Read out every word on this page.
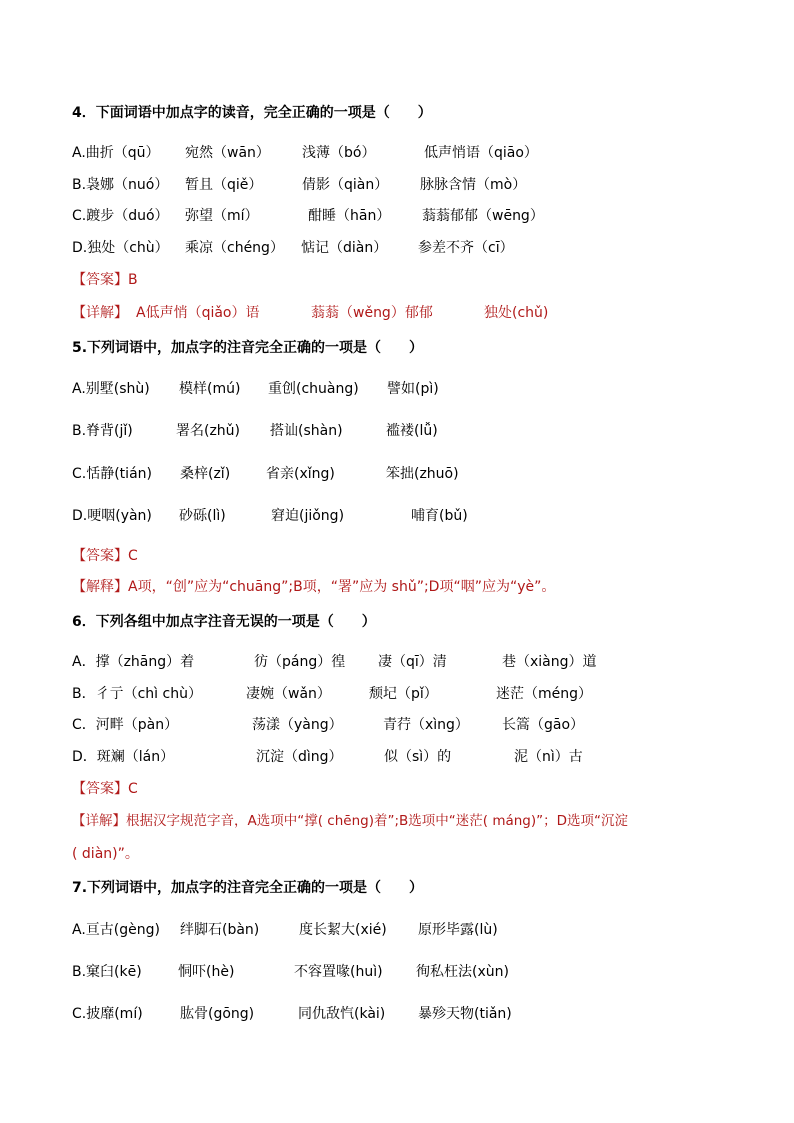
4．下面词语中加点字的读音，完全正确的一项是（　　）
A.曲折（qū） 宛然（wān） 浅薄（bó）	低声悄语（qiāo）
B.袅娜（nuó） 暂且（qiě）	倩影（qiàn） 脉脉含情（mò）
C.踱步（duó） 弥望（mí）	酣睡（hān） 蓊蓊郁郁（wēng）
D.独处（chù） 乘凉（chéng） 惦记（diàn） 参差不齐（cī）
【答案】B
【详解】 A低声悄（qiǎo）语	蓊蓊（wěng）郁郁	独处(chǔ)
5.下列词语中，加点字的注音完全正确的一项是（　　）
A.别墅(shù) 模样(mú) 重创(chuàng) 譬如(pì)
B.脊背(jǐ)	署名(zhǔ) 搭讪(shàn)	褴褛(lǚ)
C.恬静(tián) 桑梓(zǐ)	省亲(xǐng)	笨拙(zhuō)
D.哽咽(yàn) 砂砾(lì)	窘迫(jiǒng)	哺育(bǔ)
【答案】C
【解释】A项，“创”应为“chuāng”;B项，“署”应为 shǔ”;D项“咽”应为“yè”。
6．下列各组中加点字注音无误的一项是（　　）
A．撑（zhāng）着	彷（páng）徨 凄（qī）清	巷（xiàng）道
B．彳亍（chì chù）	凄婉（wǎn）	颓圮（pǐ）	迷茫（méng）
C．河畔（pàn）	荡漾（yàng）	青荇（xìng） 长篙（gāo）
D．斑斓（lán）	沉淀（dìng）	似（sì）的	泥（nì）古
【答案】C
【详解】根据汉字规范字音，A选项中“撑( chēng)着”;B选项中“迷茫( máng)”；D选项“沉淀
( diàn)”。
7.下列词语中，加点字的注音完全正确的一项是（　　）
A.亘古(gèng) 绊脚石(bàn)	度长絜大(xié) 原形毕露(lù)
B.窠臼(kē)	恫吓(hè)	不容置喙(huì) 徇私枉法(xùn)
C.披靡(mí)	肱骨(gōng)	同仇敌忾(kài) 暴殄天物(tiǎn)
